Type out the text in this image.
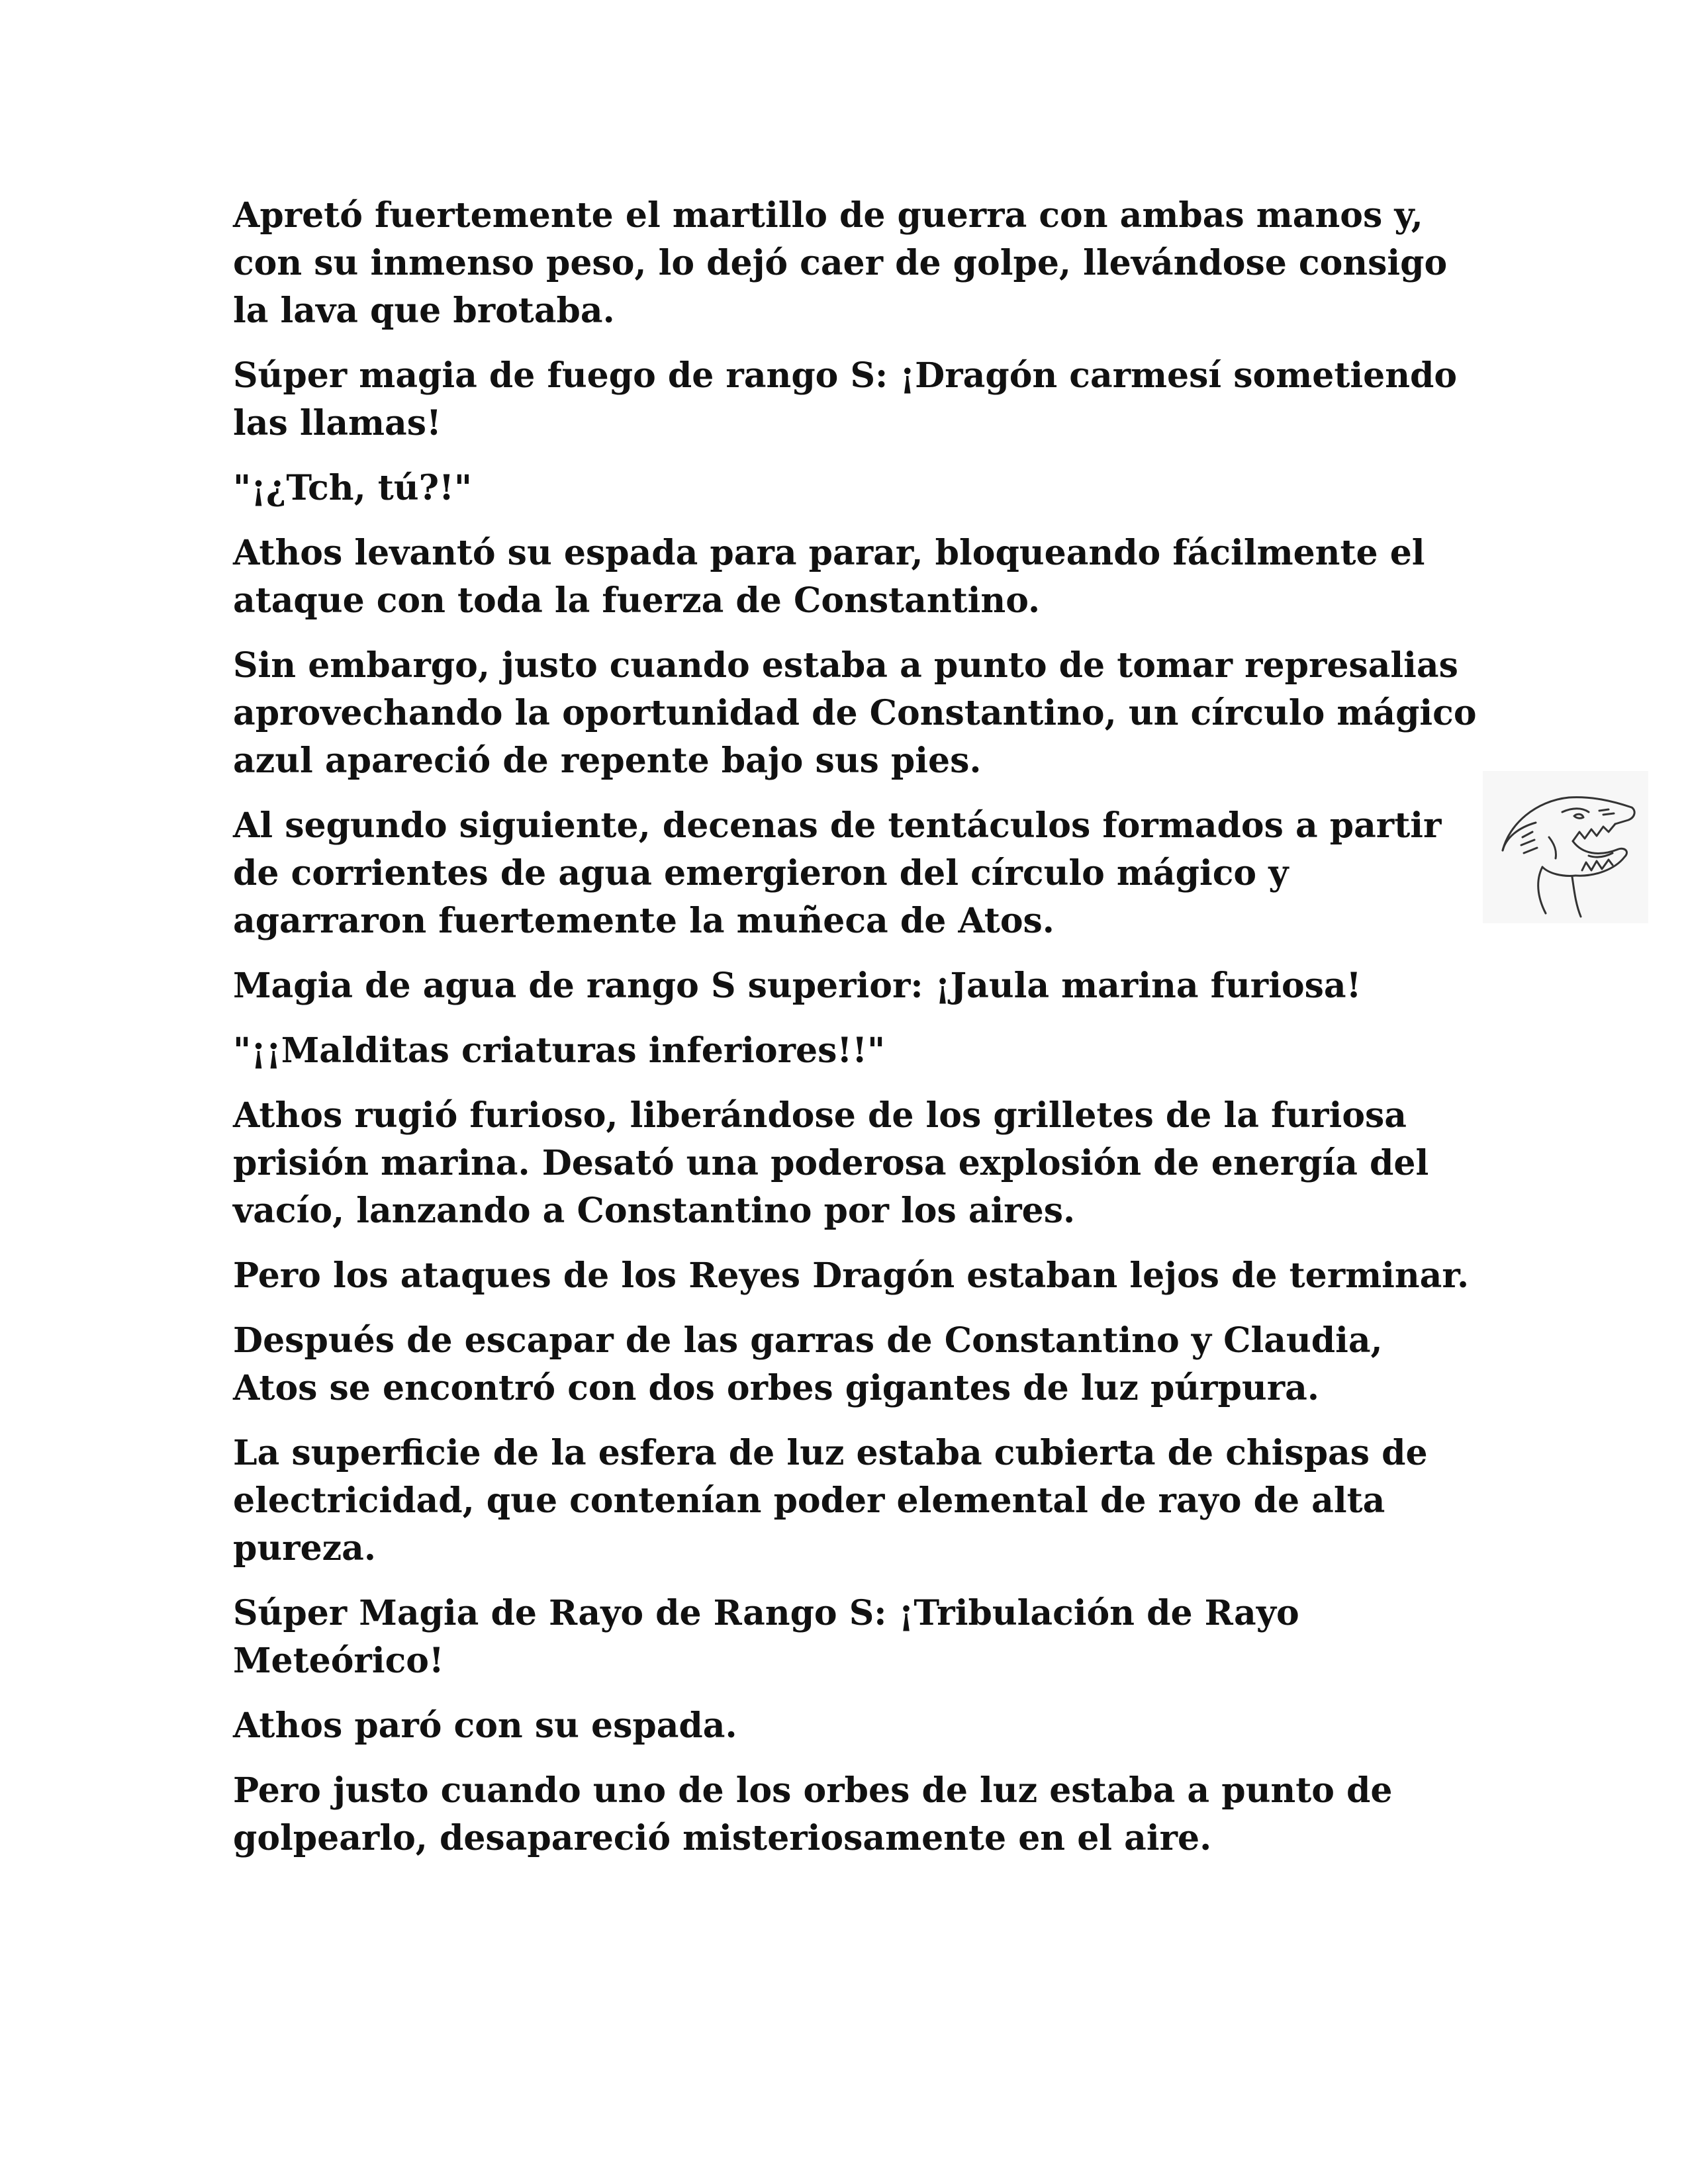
Apretó fuertemente el martillo de guerra con ambas manos y, con su inmenso peso, lo dejó caer de golpe, llevándose consigo la lava que brotaba.

Súper magia de fuego de rango S: ¡Dragón carmesí sometiendo las llamas!

"¡¿Tch, tú?!"

Athos levantó su espada para parar, bloqueando fácilmente el ataque con toda la fuerza de Constantino.

Sin embargo, justo cuando estaba a punto de tomar represalias aprovechando la oportunidad de Constantino, un círculo mágico azul apareció de repente bajo sus pies.

Al segundo siguiente, decenas de tentáculos formados a partir de corrientes de agua emergieron del círculo mágico y agarraron fuertemente la muñeca de Atos.

Magia de agua de rango S superior: ¡Jaula marina furiosa!

"¡¡Malditas criaturas inferiores!!"

Athos rugió furioso, liberándose de los grilletes de la furiosa prisión marina. Desató una poderosa explosión de energía del vacío, lanzando a Constantino por los aires.

Pero los ataques de los Reyes Dragón estaban lejos de terminar.

Después de escapar de las garras de Constantino y Claudia, Atos se encontró con dos orbes gigantes de luz púrpura.

La superficie de la esfera de luz estaba cubierta de chispas de electricidad, que contenían poder elemental de rayo de alta pureza.

Súper Magia de Rayo de Rango S: ¡Tribulación de Rayo Meteórico!

Athos paró con su espada.

Pero justo cuando uno de los orbes de luz estaba a punto de golpearlo, desapareció misteriosamente en el aire.
